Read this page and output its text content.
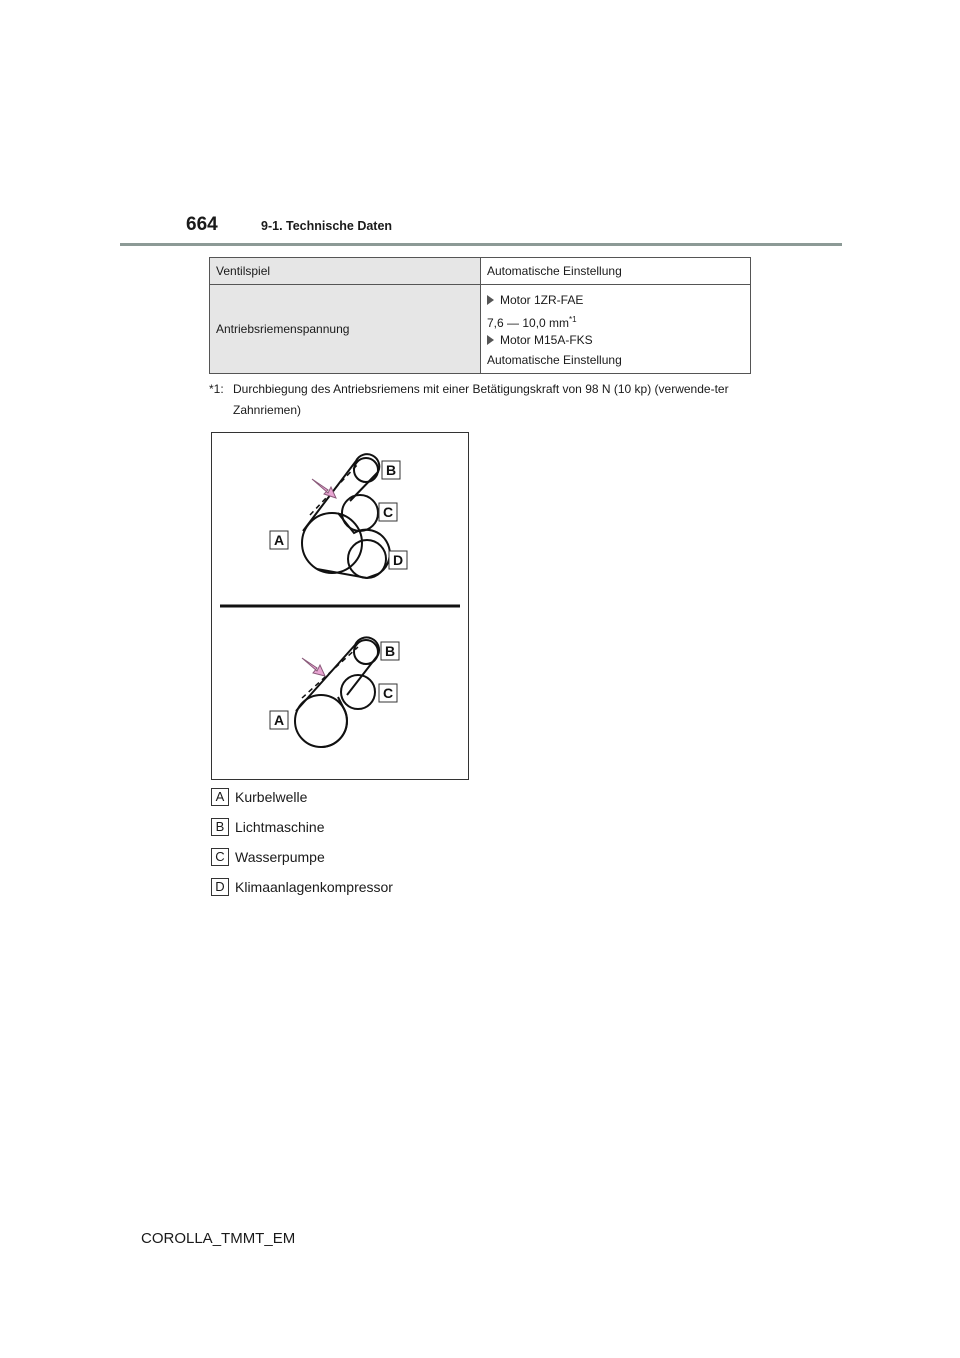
664	9-1. Technische Daten
Ventilspiel	Automatische Einstellung
Antriebsriemenspannung	Motor 1ZR-FAE
7,6 — 10,0 $mm^{*1}$
Motor M15A-FKS
Automatische Einstellung
*1: Durchbiegung des Antriebsriemens mit einer Betätigungskraft von 98 N (10 kp) (verwende-ter Zahnriemen)
B
C
A
D
B
C
A
A Kurbelwelle
B Lichtmaschine
C Wasserpumpe
D Klimaanlagenkompressor
COROLLA_TMMT_EM
